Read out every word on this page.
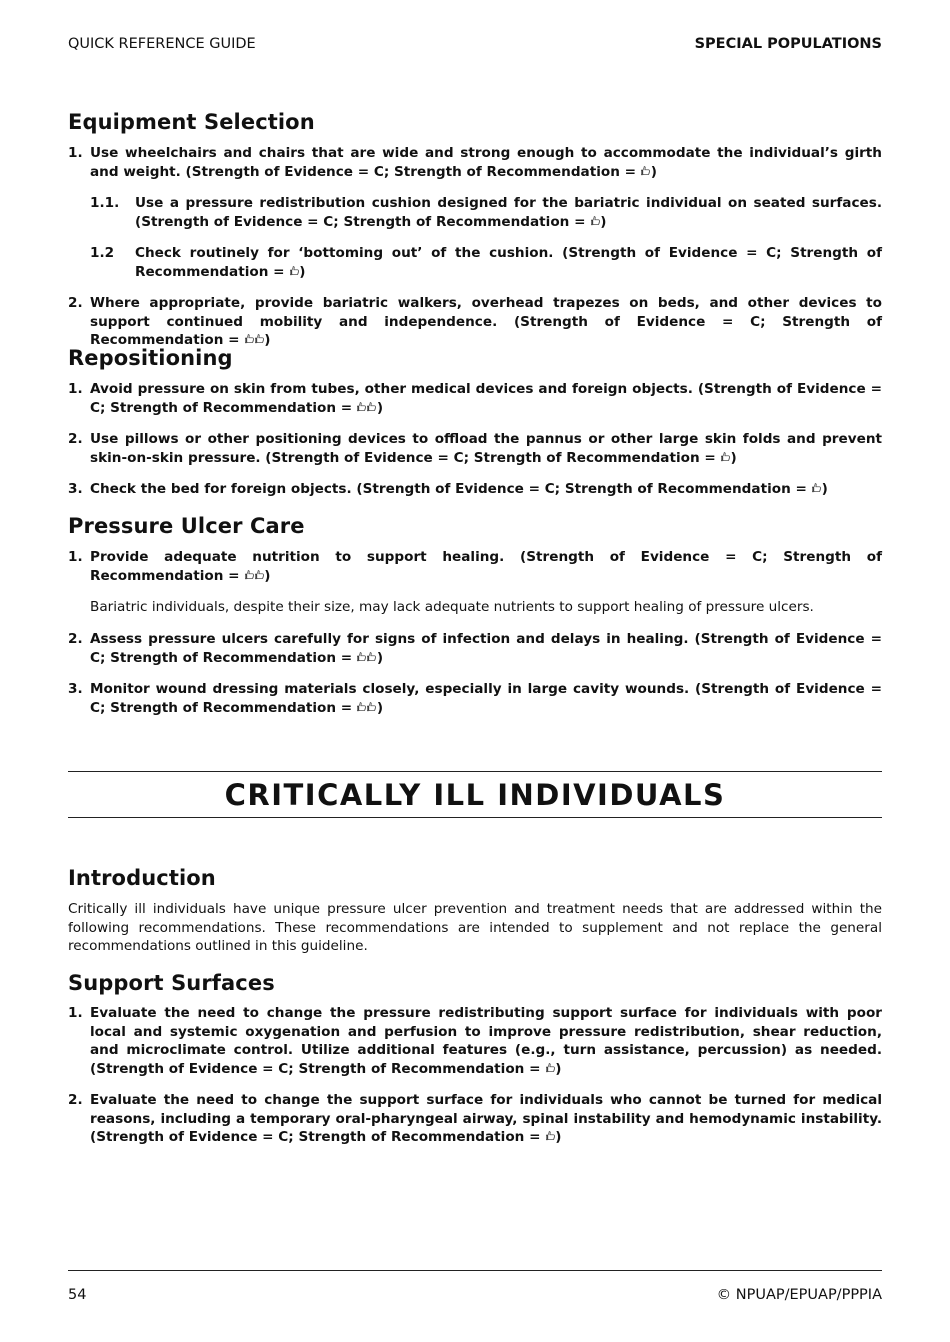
QUICK REFERENCE GUIDE	SPECIAL POPULATIONS
Equipment Selection
1. Use wheelchairs and chairs that are wide and strong enough to accommodate the individual’s girth and weight. (Strength of Evidence = C; Strength of Recommendation =
)
1.1.	Use a pressure redistribution cushion designed for the bariatric individual on seated surfaces. (Strength of Evidence = C; Strength of Recommendation =
)
1.2	Check routinely for ‘bottoming out’ of the cushion. (Strength of Evidence = C; Strength of Recommendation =
)
2. Where appropriate, provide bariatric walkers, overhead trapezes on beds, and other devices to support continued mobility and independence. (Strength of Evidence = C; Strength of Recommendation =
)
Repositioning
1. Avoid pressure on skin from tubes, other medical devices and foreign objects. (Strength of Evidence = C; Strength of Recommendation =
)
2. Use pillows or other positioning devices to offload the pannus or other large skin folds and prevent skin-on-skin pressure. (Strength of Evidence = C; Strength of Recommendation =
)
3. Check the bed for foreign objects. (Strength of Evidence = C; Strength of Recommendation =
)
Pressure Ulcer Care
1. Provide adequate nutrition to support healing. (Strength of Evidence = C; Strength of Recommendation =
)
Bariatric individuals, despite their size, may lack adequate nutrients to support healing of pressure ulcers.
2. Assess pressure ulcers carefully for signs of infection and delays in healing. (Strength of Evidence = C; Strength of Recommendation =
)
3. Monitor wound dressing materials closely, especially in large cavity wounds. (Strength of Evidence = C; Strength of Recommendation =
)
CRITICALLY ILL INDIVIDUALS
Introduction
Critically ill individuals have unique pressure ulcer prevention and treatment needs that are addressed within the following recommendations. These recommendations are intended to supplement and not replace the general recommendations outlined in this guideline.
Support Surfaces
1. Evaluate the need to change the pressure redistributing support surface for individuals with poor local and systemic oxygenation and perfusion to improve pressure redistribution, shear reduction, and microclimate control. Utilize additional features (e.g., turn assistance, percussion) as needed. (Strength of Evidence = C; Strength of Recommendation =
)
2. Evaluate the need to change the support surface for individuals who cannot be turned for medical reasons, including a temporary oral-pharyngeal airway, spinal instability and hemodynamic instability. (Strength of Evidence = C; Strength of Recommendation =
)
54	© NPUAP/EPUAP/PPPIA
